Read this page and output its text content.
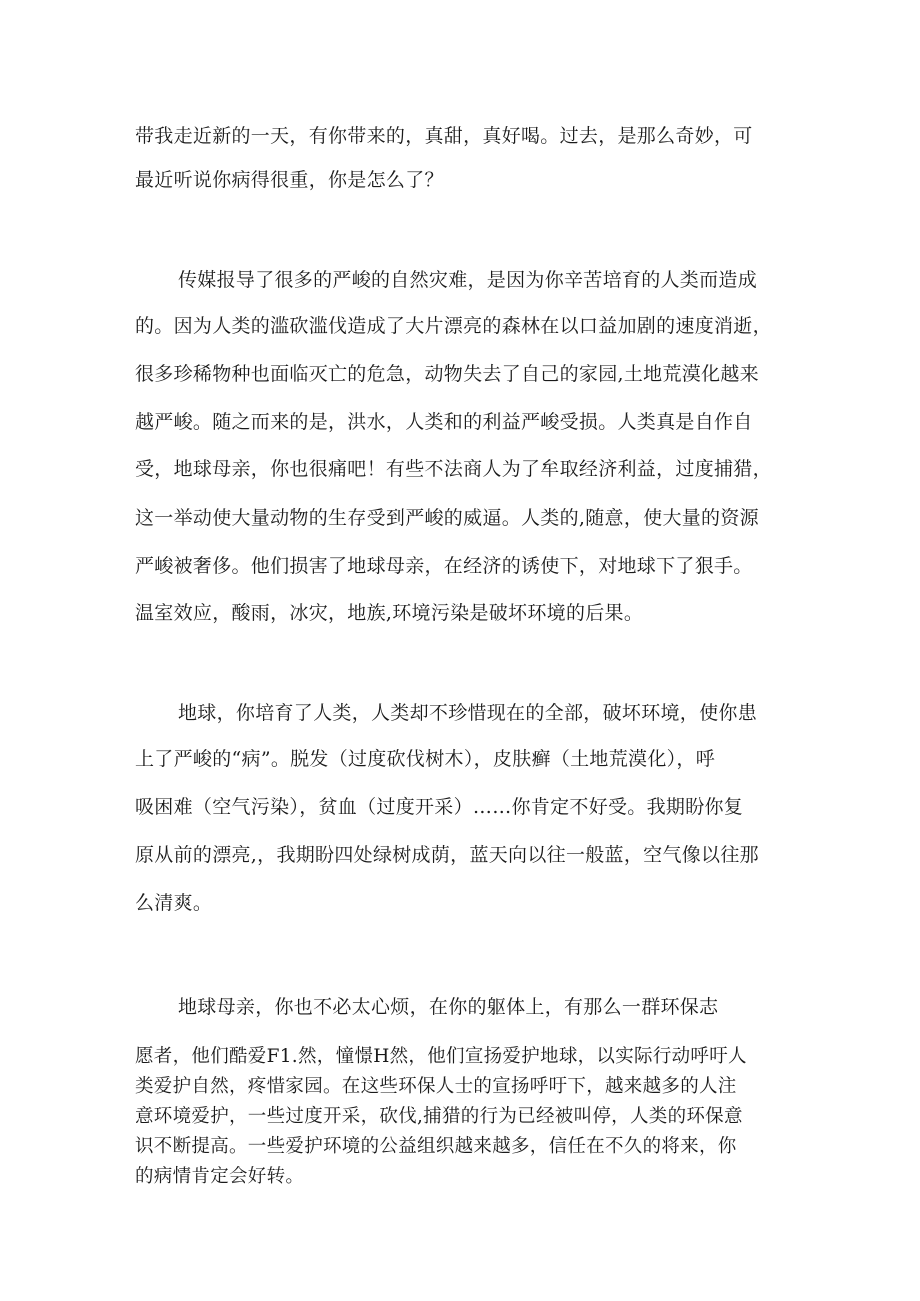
带我走近新的一天，有你带来的，真甜，真好喝。过去，是那么奇妙，可
最近听说你病得很重，你是怎么了？
传媒报导了很多的严峻的自然灾难，是因为你辛苦培育的人类而造成
的。因为人类的滥砍滥伐造成了大片漂亮的森林在以口益加剧的速度消逝，
很多珍稀物种也面临灭亡的危急，动物失去了自己的家园,土地荒漠化越来
越严峻。随之而来的是，洪水，人类和的利益严峻受损。人类真是自作自
受，地球母亲，你也很痛吧！有些不法商人为了牟取经济利益，过度捕猎，
这一举动使大量动物的生存受到严峻的威逼。人类的,随意，使大量的资源
严峻被奢侈。他们损害了地球母亲，在经济的诱使下，对地球下了狠手。
温室效应，酸雨，冰灾，地族,环境污染是破坏环境的后果。
地球，你培育了人类，人类却不珍惜现在的全部，破坏环境，使你患
上了严峻的“病”。脱发（过度砍伐树木），皮肤癣（土地荒漠化），呼
吸困难（空气污染），贫血（过度开采）……你肯定不好受。我期盼你复
原从前的漂亮,，我期盼四处绿树成荫，蓝天向以往一般蓝，空气像以往那
么清爽。
地球母亲，你也不必太心烦，在你的躯体上，有那么一群环保志
愿者，他们酷爱F1.然，憧憬H然，他们宣扬爱护地球，以实际行动呼吁人
类爱护自然，疼惜家园。在这些环保人士的宣扬呼吁下，越来越多的人注
意环境爱护，一些过度开采，砍伐,捕猎的行为已经被叫停，人类的环保意
识不断提高。一些爱护环境的公益组织越来越多，信任在不久的将来，你
的病情肯定会好转。
